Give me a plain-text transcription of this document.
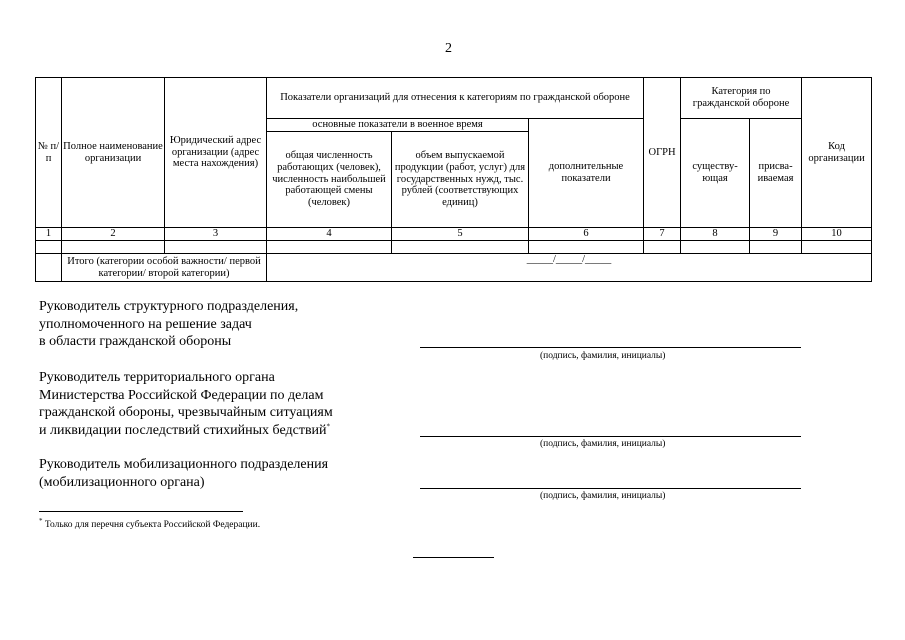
2
№ п/п	Полное наименование организации	Юридический адрес организации (адрес места нахождения)	Показатели организаций для отнесения к категориям по гражданской обороне			ОГРН	Категория по гражданской обороне		Код организации
			основные показатели в военное время		дополнительные показатели		существу-ющая	присва-иваемая	
			общая численность работающих (человек), численность наибольшей работающей смены (человек)	объем выпускаемой продукции (работ, услуг) для государственных нужд, тыс. рублей (соответствующих единиц)					
1	2	3	4	5	6	7	8	9	10

	Итого (категории особой важности/ первой категории/ второй категории)		_____/_____/_____						
Руководитель структурного подразделения,
уполномоченного на решение задач
в области гражданской обороны
(подпись, фамилия, инициалы)
Руководитель территориального органа
Министерства Российской Федерации по делам
гражданской обороны, чрезвычайным ситуациям
и ликвидации последствий стихийных бедствий*
(подпись, фамилия, инициалы)
Руководитель мобилизационного подразделения
(мобилизационного органа)
(подпись, фамилия, инициалы)
* Только для перечня субъекта Российской Федерации.
